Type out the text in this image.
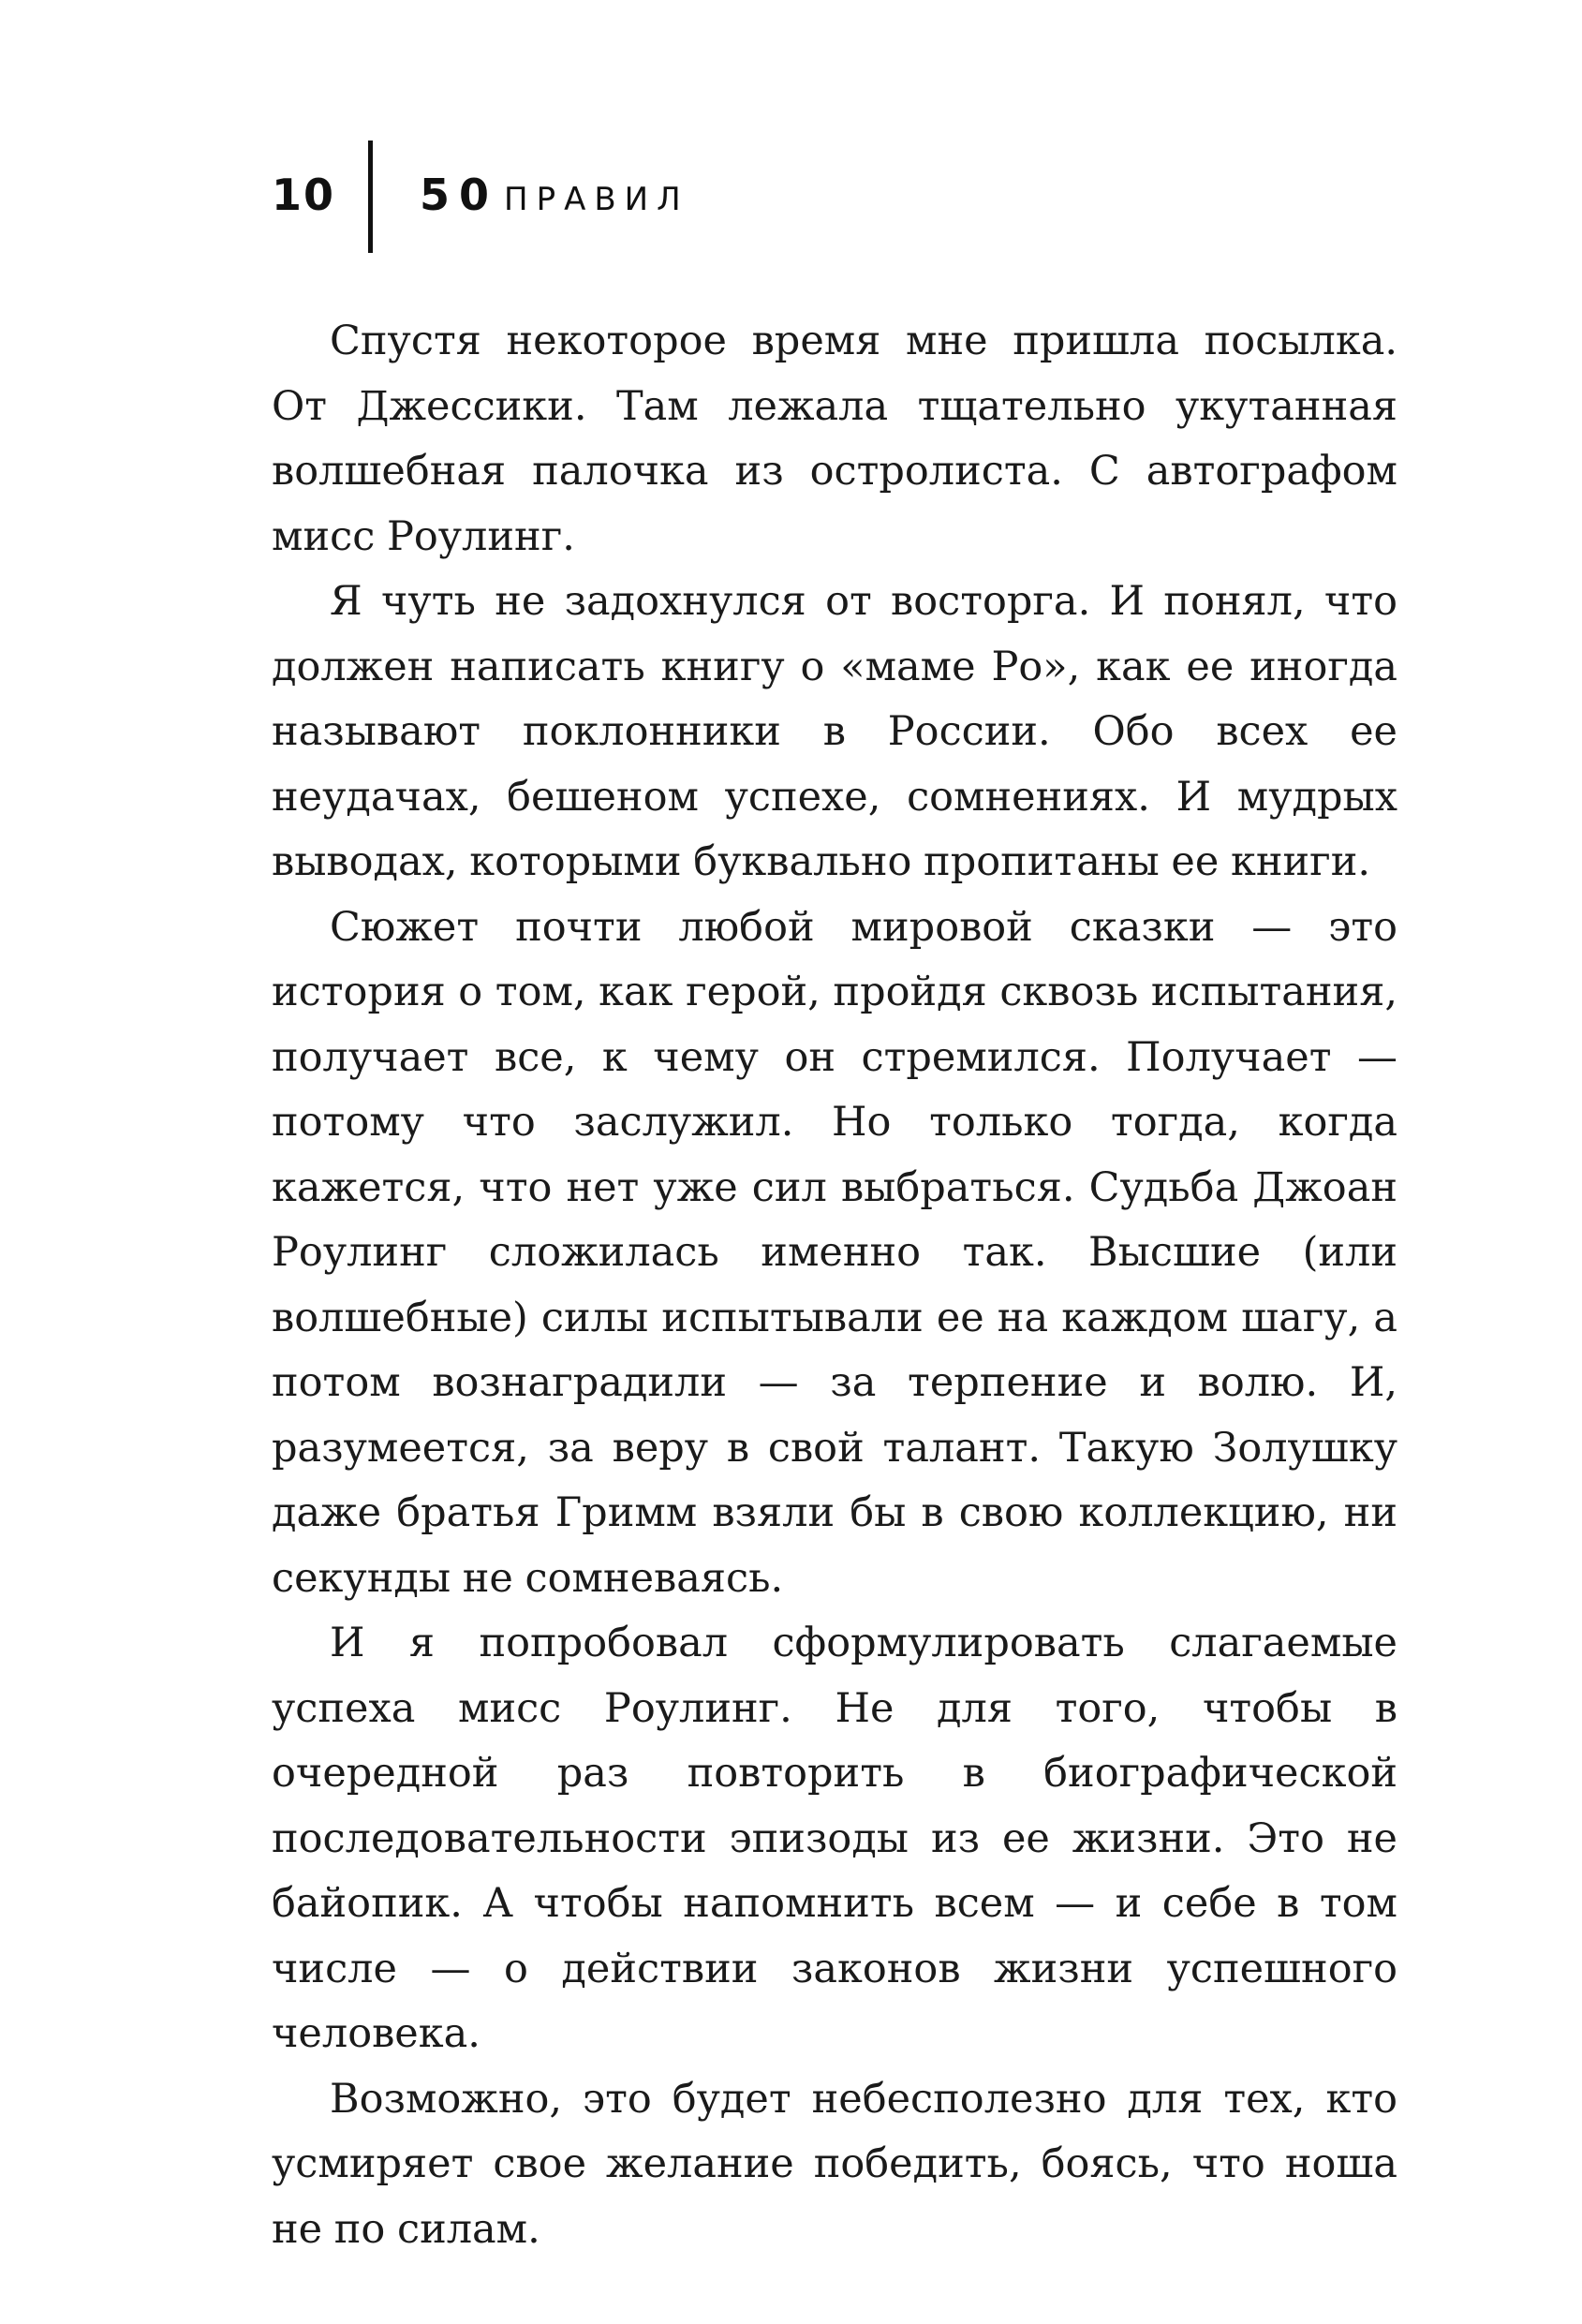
10 50 ПРАВИЛ

Спустя некоторое время мне пришла посылка. От Джессики. Там лежала тщательно укутанная волшебная палочка из остролиста. С автографом мисс Роулинг.

Я чуть не задохнулся от восторга. И понял, что должен написать книгу о «маме Ро», как ее иногда называют поклонники в России. Обо всех ее неудачах, бешеном успехе, сомнениях. И мудрых выводах, которыми буквально пропитаны ее книги.

Сюжет почти любой мировой сказки — это история о том, как герой, пройдя сквозь испытания, получает все, к чему он стремился. Получает — потому что заслужил. Но только тогда, когда кажется, что нет уже сил выбраться. Судьба Джоан Роулинг сложилась именно так. Высшие (или волшебные) силы испытывали ее на каждом шагу, а потом вознаградили — за терпение и волю. И, разумеется, за веру в свой талант. Такую Золушку даже братья Гримм взяли бы в свою коллекцию, ни секунды не сомневаясь.

И я попробовал сформулировать слагаемые успеха мисс Роулинг. Не для того, чтобы в очередной раз повторить в биографической последовательности эпизоды из ее жизни. Это не байопик. А чтобы напомнить всем — и себе в том числе — о действии законов жизни успешного человека.

Возможно, это будет небесполезно для тех, кто усмиряет свое желание победить, боясь, что ноша не по силам.
